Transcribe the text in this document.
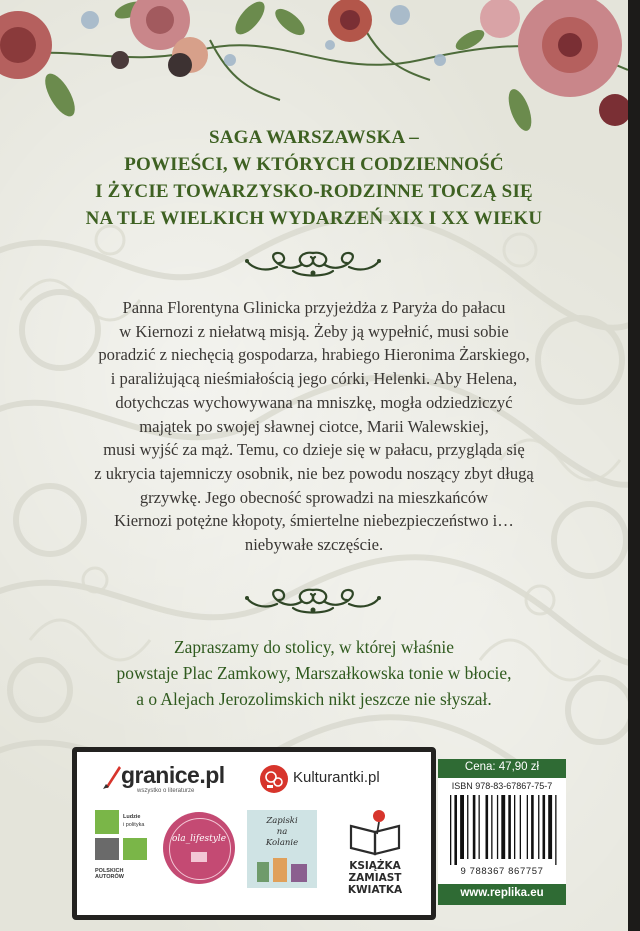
SAGA WARSZAWSKA –
POWIEŚCI, W KTÓRYCH CODZIENNOŚĆ
I ŻYCIE TOWARZYSKO-RODZINNE TOCZĄ SIĘ
NA TLE WIELKICH WYDARZEŃ XIX I XX WIEKU

Panna Florentyna Glinicka przyjeżdża z Paryża do pałacu
w Kiernozi z niełatwą misją. Żeby ją wypełnić, musi sobie
poradzić z niechęcią gospodarza, hrabiego Hieronima Żarskiego,
i paraliżującą nieśmiałością jego córki, Helenki. Aby Helena,
dotychczas wychowywana na mniszkę, mogła odziedziczyć
majątek po swojej sławnej ciotce, Marii Walewskiej,
musi wyjść za mąż. Temu, co dzieje się w pałacu, przygląda się
z ukrycia tajemniczy osobnik, nie bez powodu noszący zbyt długą
grzywkę. Jego obecność sprowadzi na mieszkańców
Kiernozi potężne kłopoty, śmiertelne niebezpieczeństwo i…
niebywałe szczęście.

Zapraszamy do stolicy, w której właśnie
powstaje Plac Zamkowy, Marszałkowska tonie w błocie,
a o Alejach Jerozolimskich nikt jeszcze nie słyszał.

granice.pl
wszystko o literaturze
Kulturantki.pl
Ludzie
i polityka
POLSKICH AUTORÓW
ola_lifestyle
Zapiski
na
Kolanie
KSIĄŻKA
ZAMIAST
KWIATKA
Cena: 47,90 zł
ISBN 978-83-67867-75-7
9 788367 867757
www.replika.eu
